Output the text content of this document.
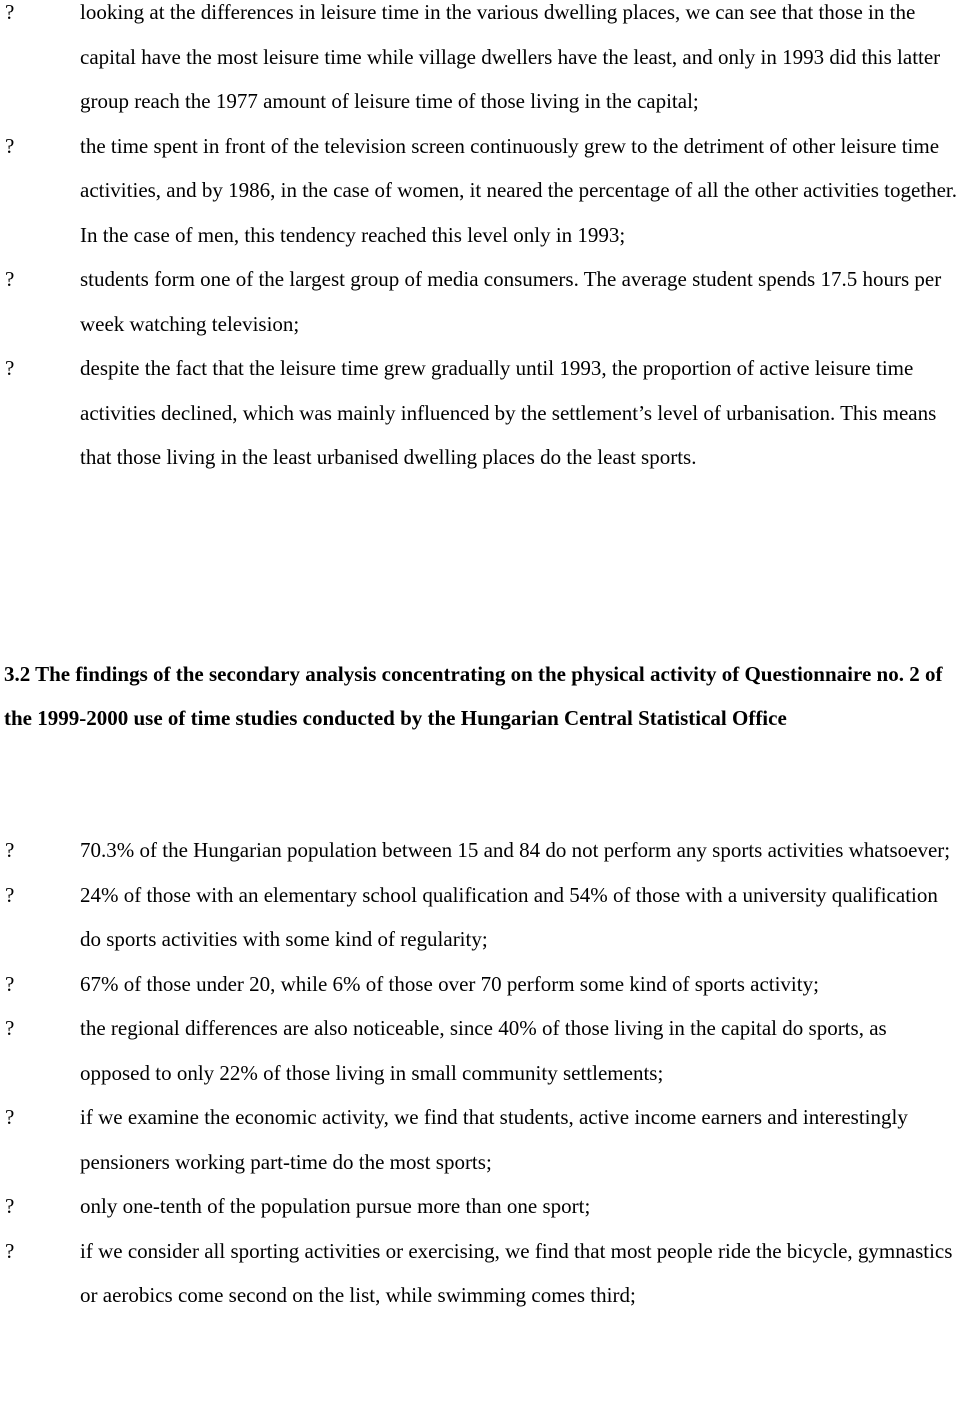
?	looking at the differences in leisure time in the various dwelling places, we can see that those in the capital have the most leisure time while village dwellers have the least, and only in 1993 did this latter group reach the 1977 amount of leisure time of those living in the capital;
?	the time spent in front of the television screen continuously grew to the detriment of other leisure time activities, and by 1986, in the case of women, it neared the percentage of all the other activities together. In the case of men, this tendency reached this level only in 1993;
?	students form one of the largest group of media consumers. The average student spends 17.5 hours per week watching television;
?	despite the fact that the leisure time grew gradually until 1993, the proportion of active leisure time activities declined, which was mainly influenced by the settlement’s level of urbanisation. This means that those living in the least urbanised dwelling places do the least sports.
3.2 The findings of the secondary analysis concentrating on the physical activity of Questionnaire no. 2 of the 1999-2000 use of time studies conducted by the Hungarian Central Statistical Office
?	70.3% of the Hungarian population between 15 and 84 do not perform any sports activities whatsoever;
?	24% of those with an elementary school qualification and 54% of those with a university qualification do sports activities with some kind of regularity;
?	67% of those under 20, while 6% of those over 70 perform some kind of sports activity;
?	the regional differences are also noticeable, since 40% of those living in the capital do sports, as opposed to only 22% of those living in small community settlements;
?	if we examine the economic activity, we find that students, active income earners and interestingly pensioners working part-time do the most sports;
?	only one-tenth of the population pursue more than one sport;
?	if we consider all sporting activities or exercising, we find that most people ride the bicycle, gymnastics or aerobics come second on the list, while swimming comes third;
